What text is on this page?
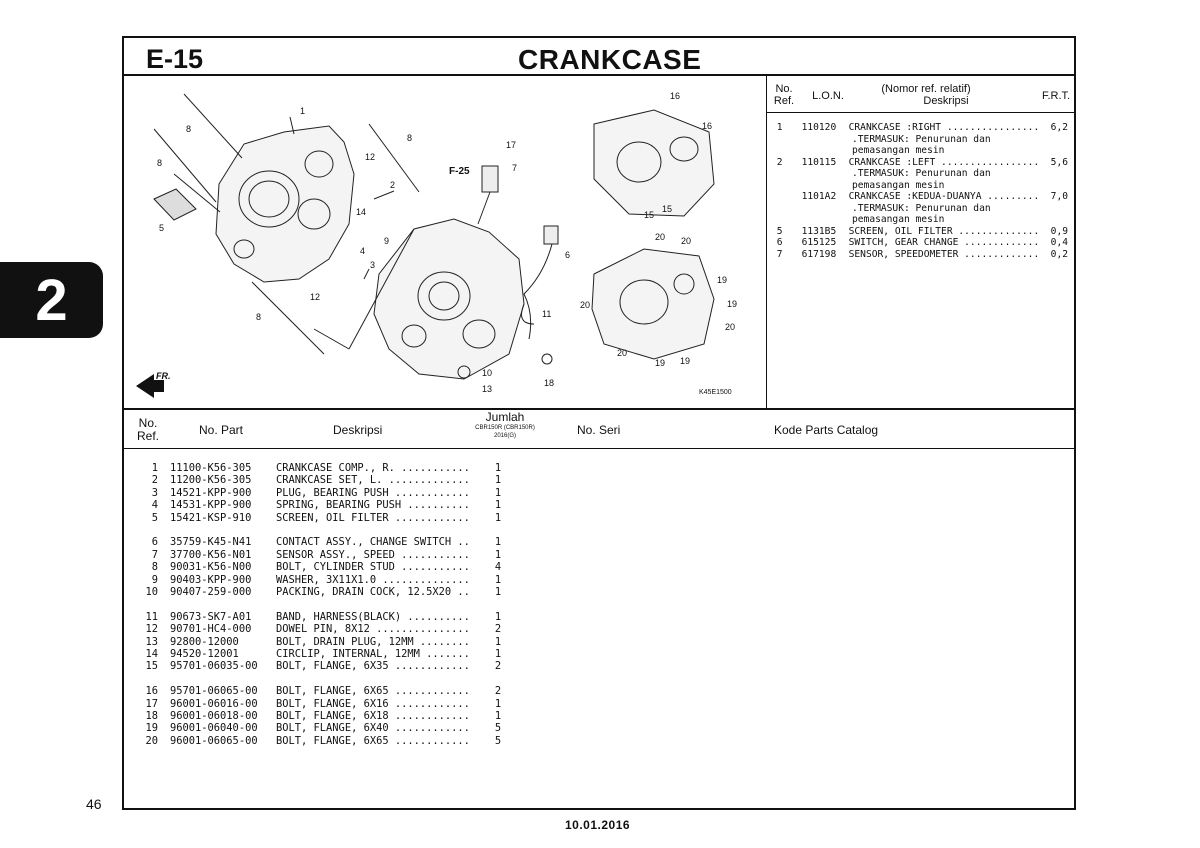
2
E-15	CRANKCASE
1
2
3
4
5
6
7
8
8
8
8
9
10
11
12
12
13
14	15
15
16
16
17
18
19
19
19 19
20 20
20
20
20
F-25
K45E1500
FR.
No.
Ref.	L.O.N.
(Nomor ref. relatif)
Deskripsi	F.R.T.
1	110120	CRANKCASE :RIGHT ................	6,2
.TERMASUK: Penurunan dan
pemasangan mesin
2	110115	CRANKCASE :LEFT .................	5,6
.TERMASUK: Penurunan dan
pemasangan mesin
1101A2	CRANKCASE :KEDUA-DUANYA .........	7,0
.TERMASUK: Penurunan dan
pemasangan mesin
5	1131B5	SCREEN, OIL FILTER ..............	0,9
6	615125	SWITCH, GEAR CHANGE .............	0,4
7	617198	SENSOR, SPEEDOMETER .............	0,2
No.
Ref.	No. Part	Deskripsi
Jumlah
CBR150R (CBR150R)
2016(G)	No. Seri	Kode Parts Catalog
1	11100-K56-305	CRANKCASE COMP., R. ...........	1
2	11200-K56-305	CRANKCASE SET, L. .............	1
3	14521-KPP-900	PLUG, BEARING PUSH ............	1
4	14531-KPP-900	SPRING, BEARING PUSH ..........	1
5	15421-KSP-910	SCREEN, OIL FILTER ............	1
6	35759-K45-N41	CONTACT ASSY., CHANGE SWITCH ..	1
7	37700-K56-N01	SENSOR ASSY., SPEED ...........	1
8	90031-K56-N00	BOLT, CYLINDER STUD ...........	4
9	90403-KPP-900	WASHER, 3X11X1.0 ..............	1
10	90407-259-000	PACKING, DRAIN COCK, 12.5X20 ..	1
11	90673-SK7-A01	BAND, HARNESS(BLACK) ..........	1
12	90701-HC4-000	DOWEL PIN, 8X12 ...............	2
13	92800-12000	BOLT, DRAIN PLUG, 12MM ........	1
14	94520-12001	CIRCLIP, INTERNAL, 12MM .......	1
15	95701-06035-00	BOLT, FLANGE, 6X35 ............	2
16	95701-06065-00	BOLT, FLANGE, 6X65 ............	2
17	96001-06016-00	BOLT, FLANGE, 6X16 ............	1
18	96001-06018-00	BOLT, FLANGE, 6X18 ............	1
19	96001-06040-00	BOLT, FLANGE, 6X40 ............	5
20	96001-06065-00	BOLT, FLANGE, 6X65 ............	5
46
10.01.2016
